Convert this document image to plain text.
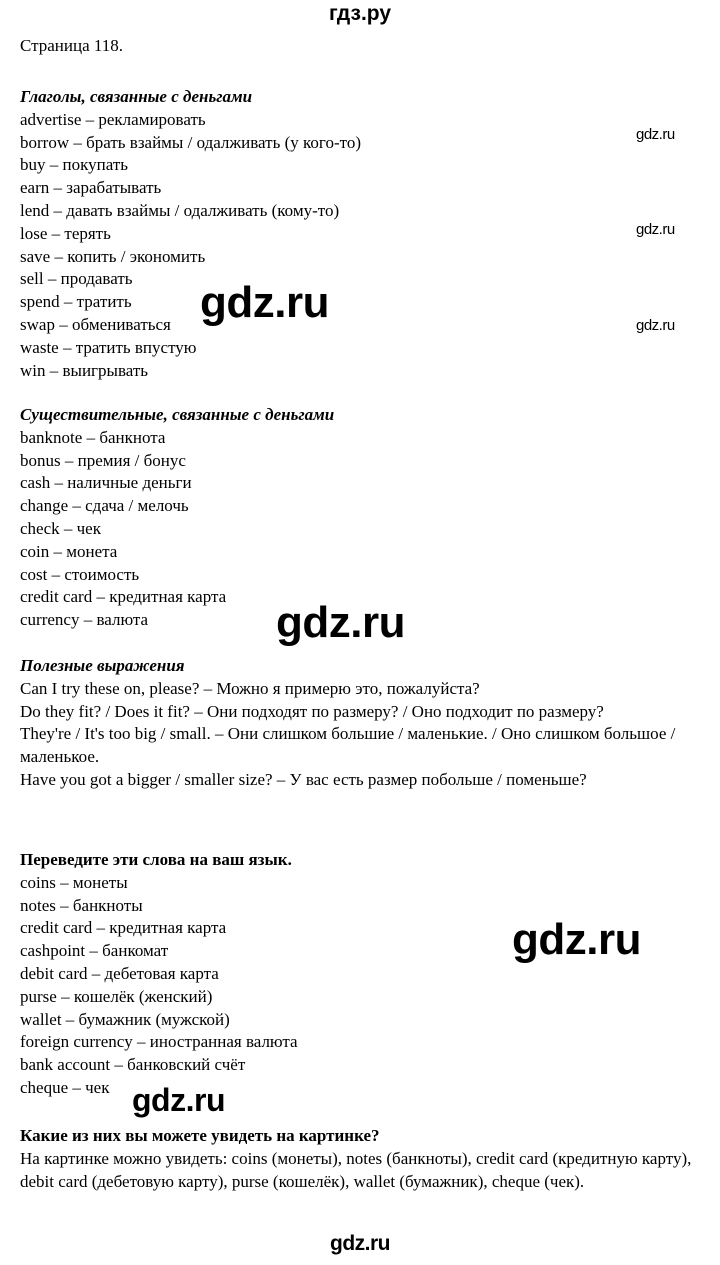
гдз.ру
Страница 118.
Глаголы, связанные с деньгами
advertise – рекламировать
borrow – брать взаймы / одалживать (у кого-то)
buy – покупать
earn – зарабатывать
lend – давать взаймы / одалживать (кому-то)
lose – терять
save – копить / экономить
sell – продавать
spend – тратить
swap – обмениваться
waste – тратить впустую
win – выигрывать
Существительные, связанные с деньгами
banknote – банкнота
bonus – премия / бонус
cash – наличные деньги
change – сдача / мелочь
check – чек
coin – монета
cost – стоимость
credit card – кредитная карта
currency – валюта
Полезные выражения
Can I try these on, please? – Можно я примерю это, пожалуйста?
Do they fit? / Does it fit? – Они подходят по размеру? / Оно подходит по размеру?
They're / It's too big / small. – Они слишком большие / маленькие. / Оно слишком большое / маленькое.
Have you got a bigger / smaller size? – У вас есть размер побольше / поменьше?
Переведите эти слова на ваш язык.
coins – монеты
notes – банкноты
credit card – кредитная карта
cashpoint – банкомат
debit card – дебетовая карта
purse – кошелёк (женский)
wallet – бумажник (мужской)
foreign currency – иностранная валюта
bank account – банковский счёт
cheque – чек
Какие из них вы можете увидеть на картинке?
На картинке можно увидеть: coins (монеты), notes (банкноты), credit card (кредитную карту), debit card (дебетовую карту), purse (кошелёк), wallet (бумажник), cheque (чек).
gdz.ru
gdz.ru
gdz.ru
gdz.ru
gdz.ru
gdz.ru
gdz.ru
gdz.ru
